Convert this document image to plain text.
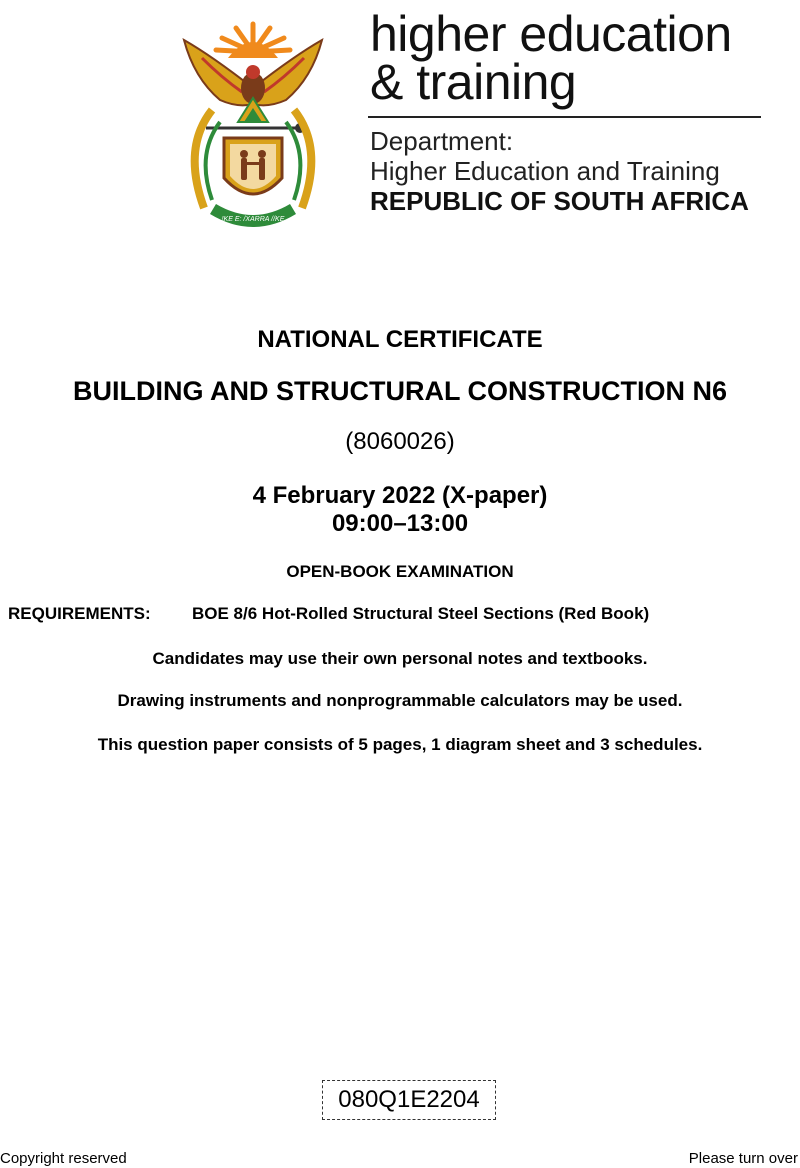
!KE E: /XARRA //KE
higher education
& training
Department:
Higher Education and Training
REPUBLIC OF SOUTH AFRICA
NATIONAL CERTIFICATE
BUILDING AND STRUCTURAL CONSTRUCTION N6
(8060026)
4 February 2022 (X-paper)
09:00–13:00
OPEN-BOOK EXAMINATION
REQUIREMENTS: BOE 8/6 Hot-Rolled Structural Steel Sections (Red Book)
Candidates may use their own personal notes and textbooks.
Drawing instruments and nonprogrammable calculators may be used.
This question paper consists of 5 pages, 1 diagram sheet and 3 schedules.
080Q1E2204
Copyright reserved	Please turn over
